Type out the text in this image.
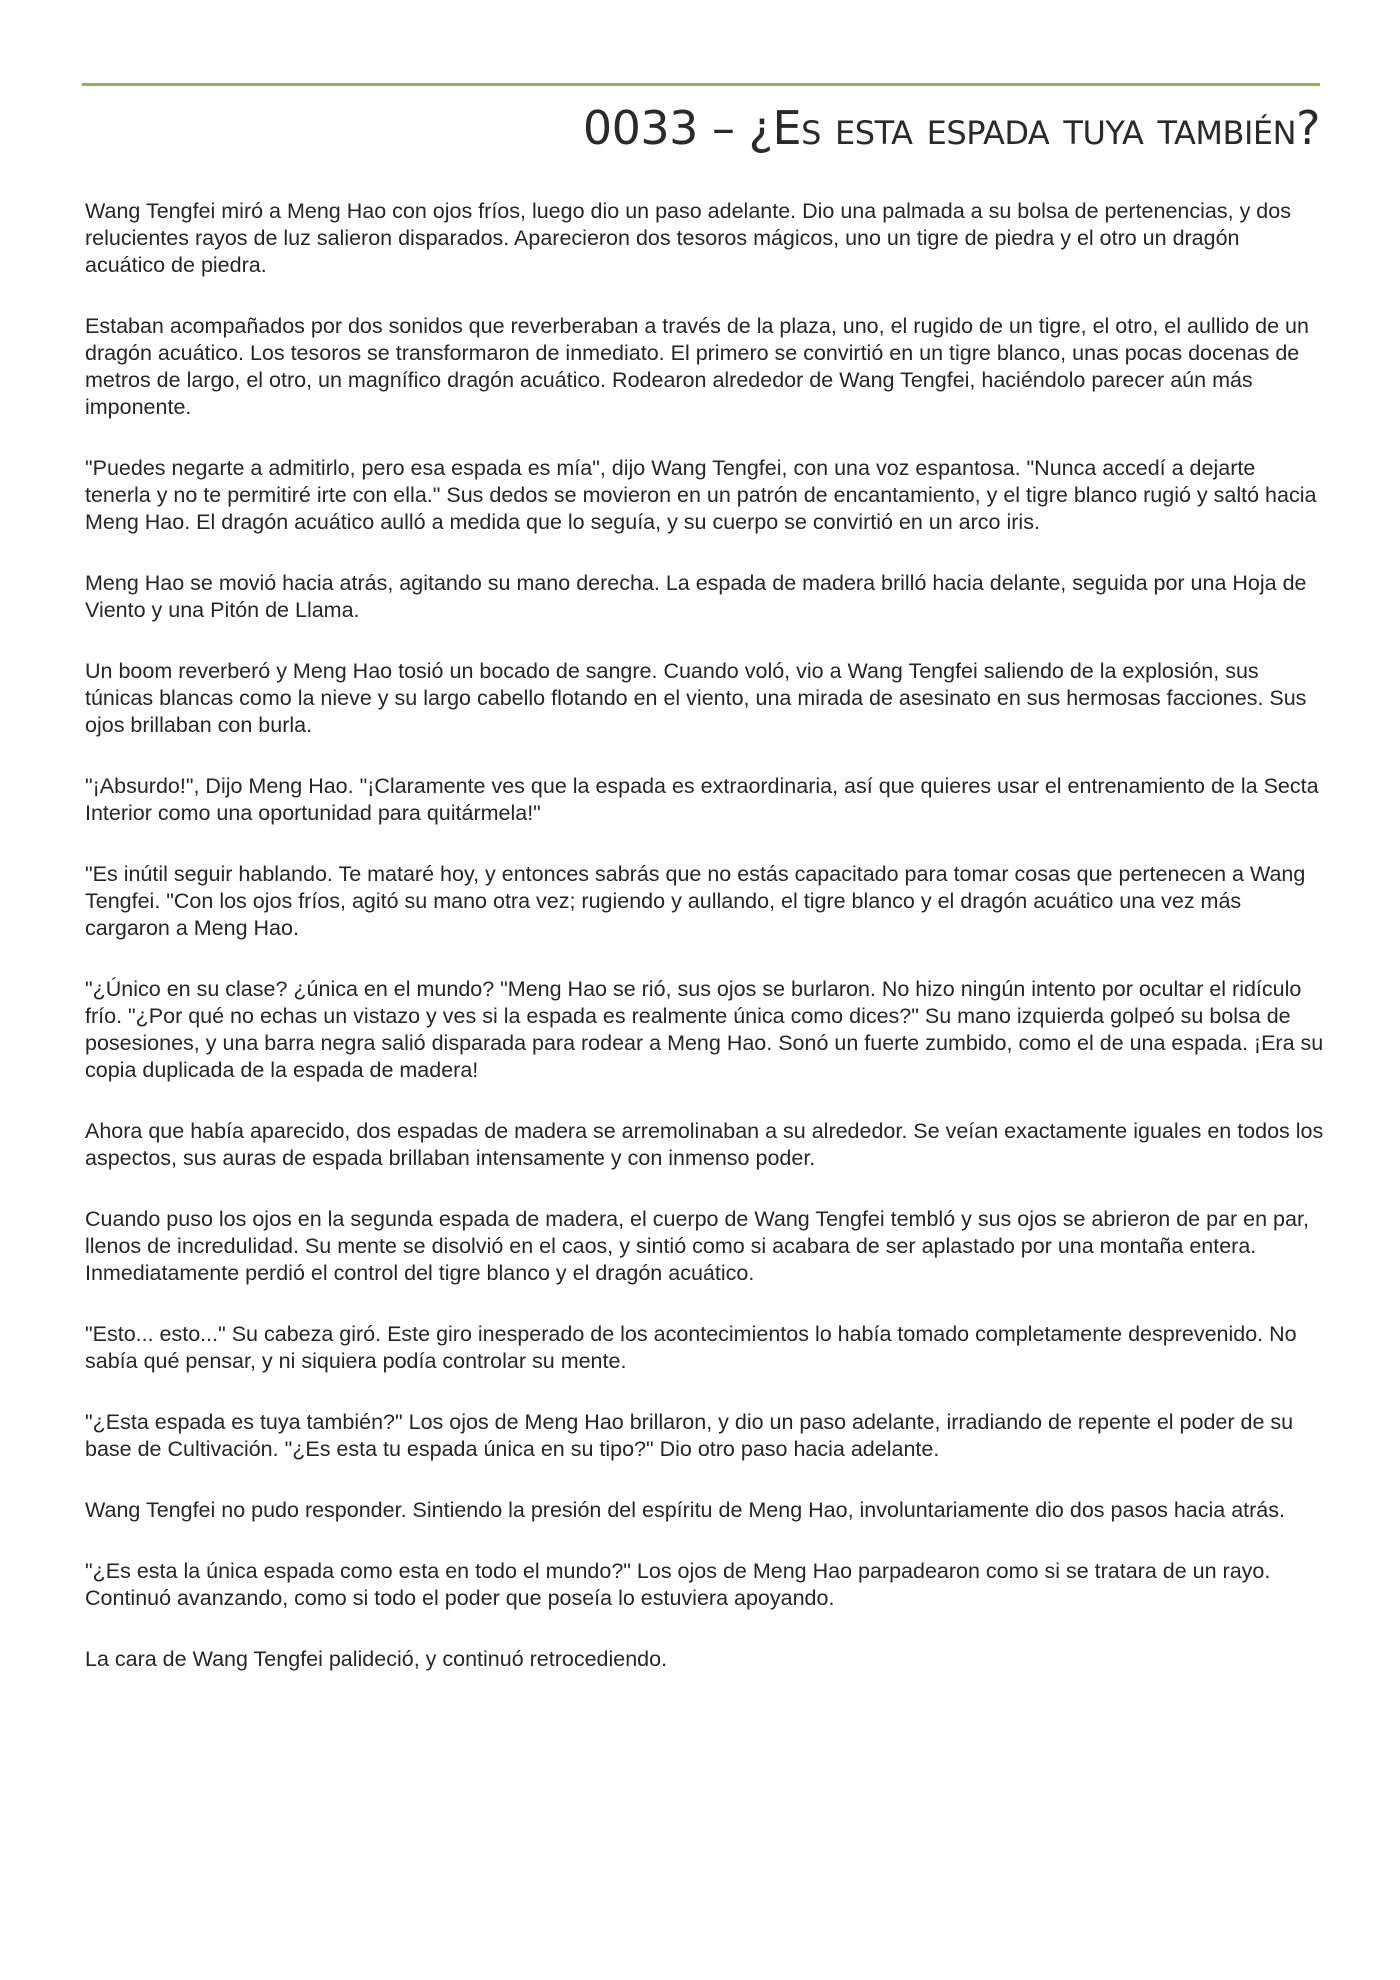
0033 – ¿Es esta espada tuya también?

Wang Tengfei miró a Meng Hao con ojos fríos, luego dio un paso adelante. Dio una palmada a su bolsa de pertenencias, y dos relucientes rayos de luz salieron disparados. Aparecieron dos tesoros mágicos, uno un tigre de piedra y el otro un dragón acuático de piedra.

Estaban acompañados por dos sonidos que reverberaban a través de la plaza, uno, el rugido de un tigre, el otro, el aullido de un dragón acuático. Los tesoros se transformaron de inmediato. El primero se convirtió en un tigre blanco, unas pocas docenas de metros de largo, el otro, un magnífico dragón acuático. Rodearon alrededor de Wang Tengfei, haciéndolo parecer aún más imponente.

"Puedes negarte a admitirlo, pero esa espada es mía", dijo Wang Tengfei, con una voz espantosa. "Nunca accedí a dejarte tenerla y no te permitiré irte con ella." Sus dedos se movieron en un patrón de encantamiento, y el tigre blanco rugió y saltó hacia Meng Hao. El dragón acuático aulló a medida que lo seguía, y su cuerpo se convirtió en un arco iris.

Meng Hao se movió hacia atrás, agitando su mano derecha. La espada de madera brilló hacia delante, seguida por una Hoja de Viento y una Pitón de Llama.

Un boom reverberó y Meng Hao tosió un bocado de sangre. Cuando voló, vio a Wang Tengfei saliendo de la explosión, sus túnicas blancas como la nieve y su largo cabello flotando en el viento, una mirada de asesinato en sus hermosas facciones. Sus ojos brillaban con burla.

"¡Absurdo!", Dijo Meng Hao. "¡Claramente ves que la espada es extraordinaria, así que quieres usar el entrenamiento de la Secta Interior como una oportunidad para quitármela!"

"Es inútil seguir hablando. Te mataré hoy, y entonces sabrás que no estás capacitado para tomar cosas que pertenecen a Wang Tengfei. "Con los ojos fríos, agitó su mano otra vez; rugiendo y aullando, el tigre blanco y el dragón acuático una vez más cargaron a Meng Hao.

"¿Único en su clase? ¿única en el mundo? "Meng Hao se rió, sus ojos se burlaron. No hizo ningún intento por ocultar el ridículo frío. "¿Por qué no echas un vistazo y ves si la espada es realmente única como dices?" Su mano izquierda golpeó su bolsa de posesiones, y una barra negra salió disparada para rodear a Meng Hao. Sonó un fuerte zumbido, como el de una espada. ¡Era su copia duplicada de la espada de madera!

Ahora que había aparecido, dos espadas de madera se arremolinaban a su alrededor. Se veían exactamente iguales en todos los aspectos, sus auras de espada brillaban intensamente y con inmenso poder.

Cuando puso los ojos en la segunda espada de madera, el cuerpo de Wang Tengfei tembló y sus ojos se abrieron de par en par, llenos de incredulidad. Su mente se disolvió en el caos, y sintió como si acabara de ser aplastado por una montaña entera. Inmediatamente perdió el control del tigre blanco y el dragón acuático.

"Esto... esto..." Su cabeza giró. Este giro inesperado de los acontecimientos lo había tomado completamente desprevenido. No sabía qué pensar, y ni siquiera podía controlar su mente.

"¿Esta espada es tuya también?" Los ojos de Meng Hao brillaron, y dio un paso adelante, irradiando de repente el poder de su base de Cultivación. "¿Es esta tu espada única en su tipo?" Dio otro paso hacia adelante.

Wang Tengfei no pudo responder. Sintiendo la presión del espíritu de Meng Hao, involuntariamente dio dos pasos hacia atrás.

"¿Es esta la única espada como esta en todo el mundo?" Los ojos de Meng Hao parpadearon como si se tratara de un rayo. Continuó avanzando, como si todo el poder que poseía lo estuviera apoyando.

La cara de Wang Tengfei palideció, y continuó retrocediendo.
